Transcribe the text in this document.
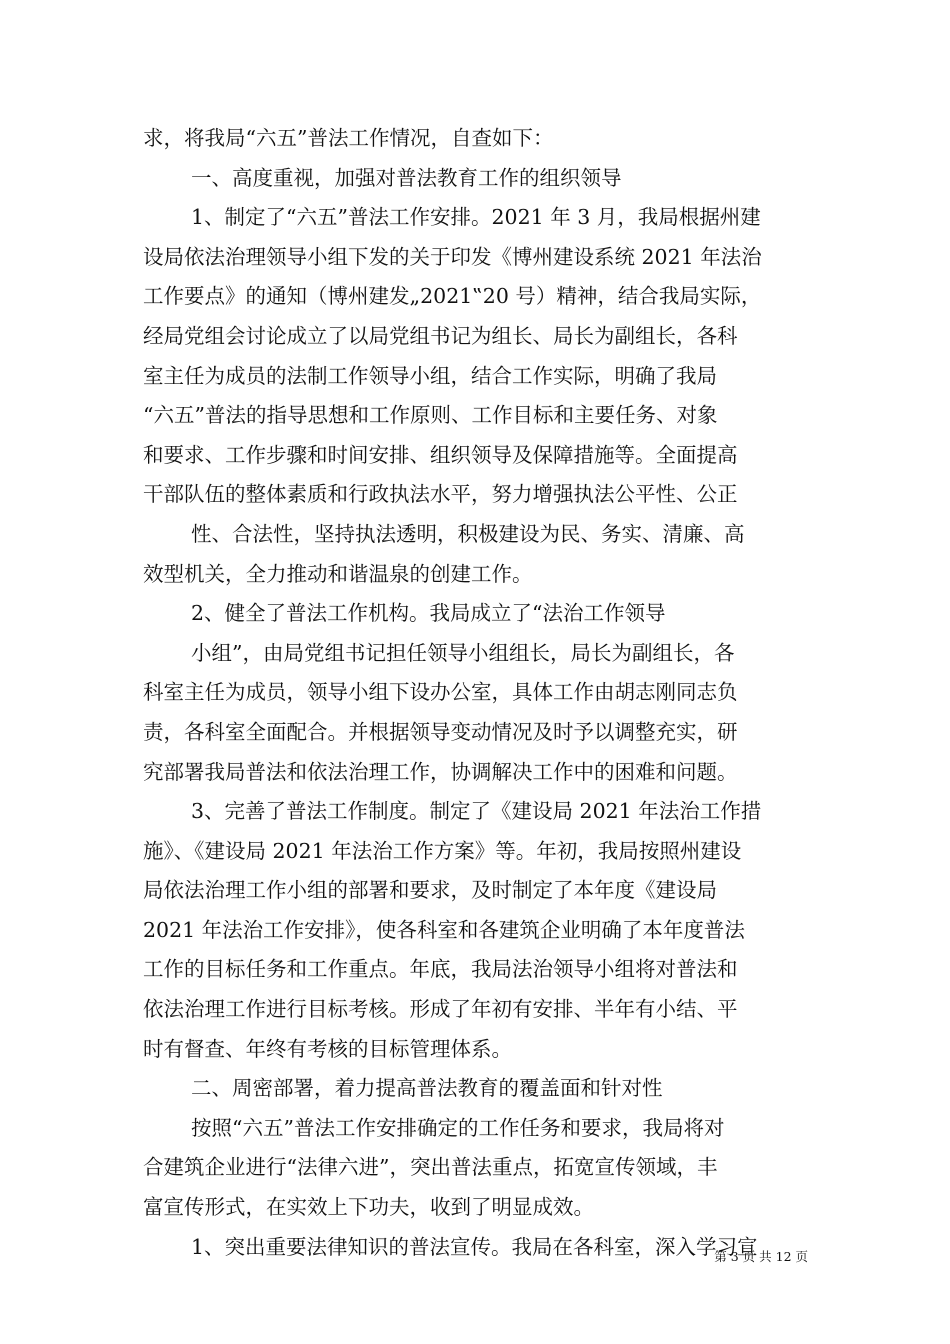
求，将我局“六五”普法工作情况，自查如下：
一、高度重视，加强对普法教育工作的组织领导
1、制定了“六五”普法工作安排。2021 年 3 月，我局根据州建
设局依法治理领导小组下发的关于印发《博州建设系统 2021 年法治
工作要点》的通知（博州建发„2021‟20 号）精神，结合我局实际，
经局党组会讨论成立了以局党组书记为组长、局长为副组长，各科
室主任为成员的法制工作领导小组，结合工作实际，明确了我局
“六五”普法的指导思想和工作原则、工作目标和主要任务、对象
和要求、工作步骤和时间安排、组织领导及保障措施等。全面提高
干部队伍的整体素质和行政执法水平，努力增强执法公平性、公正
性、合法性，坚持执法透明，积极建设为民、务实、清廉、高
效型机关，全力推动和谐温泉的创建工作。
2、健全了普法工作机构。我局成立了“法治工作领导
小组”，由局党组书记担任领导小组组长，局长为副组长，各
科室主任为成员，领导小组下设办公室，具体工作由胡志刚同志负
责，各科室全面配合。并根据领导变动情况及时予以调整充实，研
究部署我局普法和依法治理工作，协调解决工作中的困难和问题。
3、完善了普法工作制度。制定了《建设局 2021 年法治工作措
施》、《建设局 2021 年法治工作方案》等。年初，我局按照州建设
局依法治理工作小组的部署和要求，及时制定了本年度《建设局
2021 年法治工作安排》，使各科室和各建筑企业明确了本年度普法
工作的目标任务和工作重点。年底，我局法治领导小组将对普法和
依法治理工作进行目标考核。形成了年初有安排、半年有小结、平
时有督查、年终有考核的目标管理体系。
二、周密部署，着力提高普法教育的覆盖面和针对性
按照“六五”普法工作安排确定的工作任务和要求，我局将对
合建筑企业进行“法律六进”，突出普法重点，拓宽宣传领域，丰
富宣传形式，在实效上下功夫，收到了明显成效。
1、突出重要法律知识的普法宣传。我局在各科室，深入学习宣
第 3 页 共 12 页
